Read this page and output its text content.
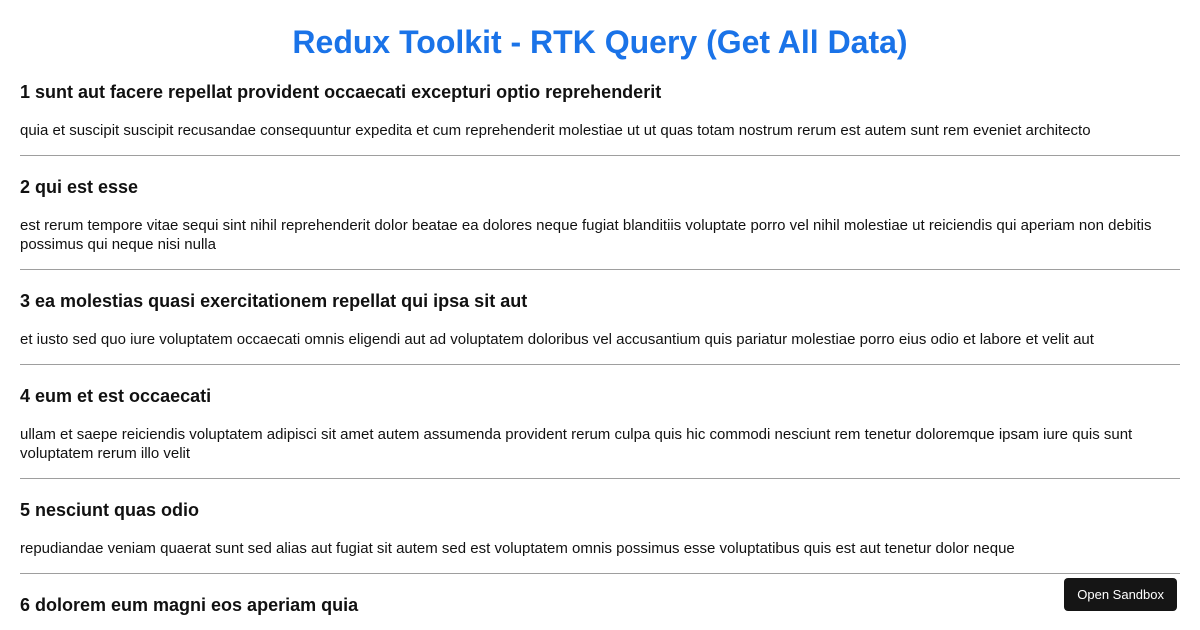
Redux Toolkit - RTK Query (Get All Data)
1 sunt aut facere repellat provident occaecati excepturi optio reprehenderit

quia et suscipit suscipit recusandae consequuntur expedita et cum reprehenderit molestiae ut ut quas totam nostrum rerum est autem sunt rem eveniet architecto

2 qui est esse

est rerum tempore vitae sequi sint nihil reprehenderit dolor beatae ea dolores neque fugiat blanditiis voluptate porro vel nihil molestiae ut reiciendis qui aperiam non debitis possimus qui neque nisi nulla

3 ea molestias quasi exercitationem repellat qui ipsa sit aut

et iusto sed quo iure voluptatem occaecati omnis eligendi aut ad voluptatem doloribus vel accusantium quis pariatur molestiae porro eius odio et labore et velit aut

4 eum et est occaecati

ullam et saepe reiciendis voluptatem adipisci sit amet autem assumenda provident rerum culpa quis hic commodi nesciunt rem tenetur doloremque ipsam iure quis sunt voluptatem rerum illo velit

5 nesciunt quas odio

repudiandae veniam quaerat sunt sed alias aut fugiat sit autem sed est voluptatem omnis possimus esse voluptatibus quis est aut tenetur dolor neque

6 dolorem eum magni eos aperiam quia

Open Sandbox
